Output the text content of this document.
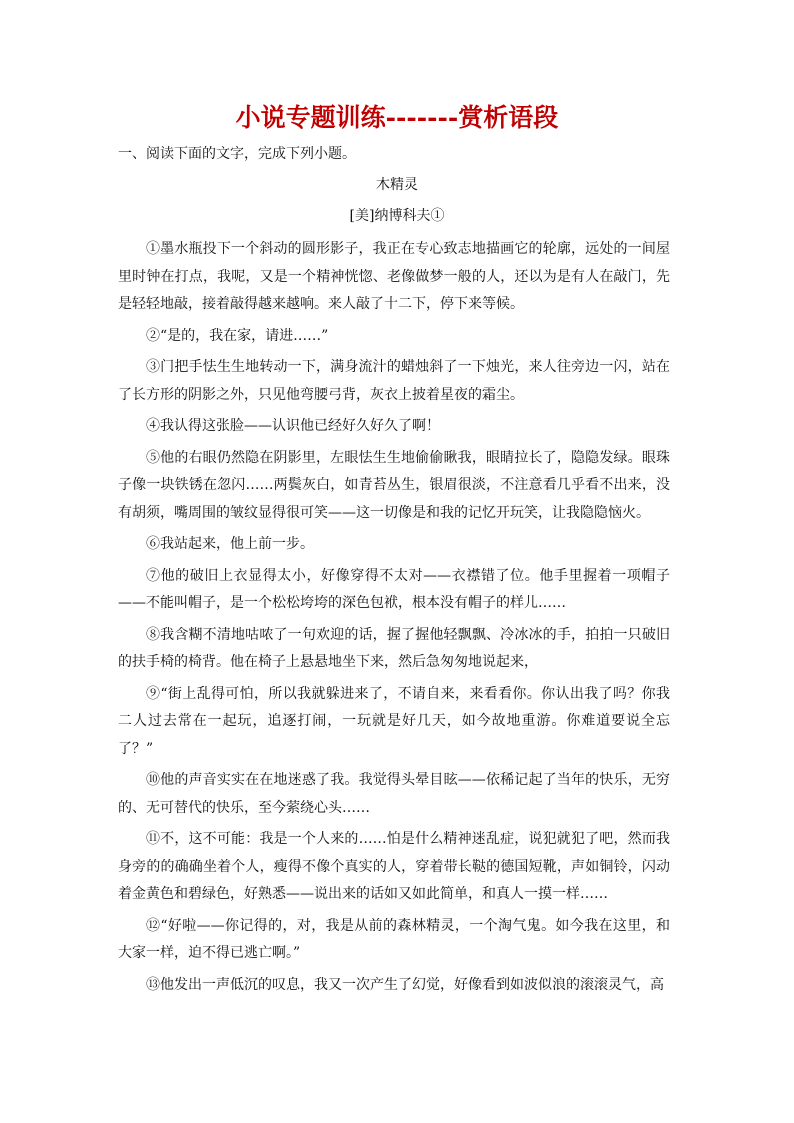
小说专题训练-------赏析语段
一、阅读下面的文字，完成下列小题。
木精灵
[美]纳博科夫①

①墨水瓶投下一个斜动的圆形影子，我正在专心致志地描画它的轮廓，远处的一间屋里时钟在打点，我呢，又是一个精神恍惚、老像做梦一般的人，还以为是有人在敲门，先是轻轻地敲，接着敲得越来越响。来人敲了十二下，停下来等候。

②“是的，我在家，请进……”

③门把手怯生生地转动一下，满身流汁的蜡烛斜了一下烛光，来人往旁边一闪，站在了长方形的阴影之外，只见他弯腰弓背，灰衣上披着星夜的霜尘。

④我认得这张脸——认识他已经好久好久了啊！

⑤他的右眼仍然隐在阴影里，左眼怯生生地偷偷瞅我，眼睛拉长了，隐隐发绿。眼珠子像一块铁锈在忽闪……两鬓灰白，如青苔丛生，银眉很淡，不注意看几乎看不出来，没有胡须，嘴周围的皱纹显得很可笑——这一切像是和我的记忆开玩笑，让我隐隐恼火。

⑥我站起来，他上前一步。

⑦他的破旧上衣显得太小，好像穿得不太对——衣襟错了位。他手里握着一项帽子——不能叫帽子，是一个松松垮垮的深色包袱，根本没有帽子的样儿……

⑧我含糊不清地咕哝了一句欢迎的话，握了握他轻飘飘、冷冰冰的手，拍拍一只破旧的扶手椅的椅背。他在椅子上悬悬地坐下来，然后急匆匆地说起来，

⑨“街上乱得可怕，所以我就躲进来了，不请自来，来看看你。你认出我了吗？你我二人过去常在一起玩，追逐打闹，一玩就是好几天，如今故地重游。你难道要说全忘了？”

⑩他的声音实实在在地迷惑了我。我觉得头晕目眩——依稀记起了当年的快乐，无穷的、无可替代的快乐，至今萦绕心头……

⑪不，这不可能：我是一个人来的……怕是什么精神迷乱症，说犯就犯了吧，然而我身旁的的确确坐着个人，瘦得不像个真实的人，穿着带长鞑的德国短靴，声如铜铃，闪动着金黄色和碧绿色，好熟悉——说出来的话如又如此简单，和真人一摸一样……

⑫“好啦——你记得的，对，我是从前的森林精灵，一个淘气鬼。如今我在这里，和大家一样，迫不得已逃亡啊。”

⑬他发出一声低沉的叹息，我又一次产生了幻觉，好像看到如波似浪的滚滚灵气，高
